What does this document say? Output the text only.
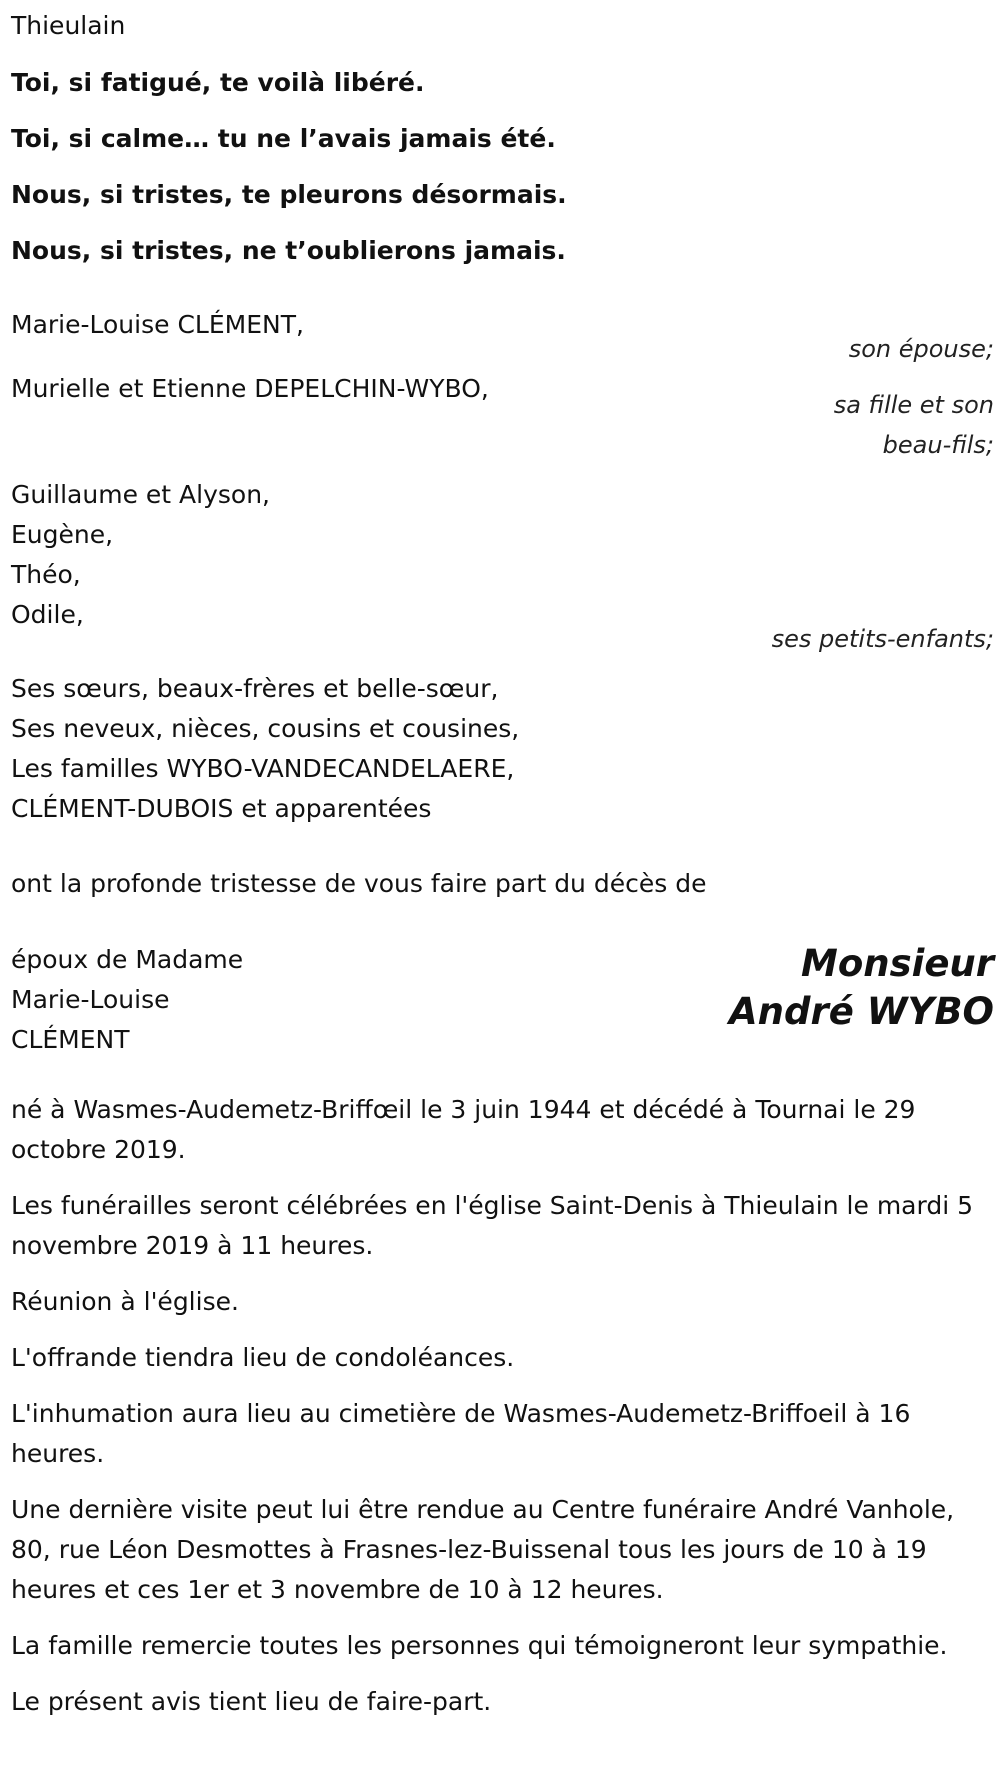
Thieulain
Toi, si fatigué, te voilà libéré.
Toi, si calme… tu ne l’avais jamais été.
Nous, si tristes, te pleurons désormais.
Nous, si tristes, ne t’oublierons jamais.
Marie-Louise CLÉMENT,
son épouse;
Murielle et Etienne DEPELCHIN-WYBO,
sa fille et son
beau-fils;
Guillaume et Alyson,
Eugène,
Théo,
Odile,
ses petits-enfants;
Ses sœurs, beaux-frères et belle-sœur,
Ses neveux, nièces, cousins et cousines,
Les familles WYBO-VANDECANDELAERE,
CLÉMENT-DUBOIS et apparentées
ont la profonde tristesse de vous faire part du décès de
époux de Madame
Marie-Louise
CLÉMENT
Monsieur
André WYBO

né à Wasmes-Audemetz-Briffœil le 3 juin 1944 et décédé à Tournai le 29 octobre 2019.

Les funérailles seront célébrées en l'église Saint-Denis à Thieulain le mardi 5 novembre 2019 à 11 heures.

Réunion à l'église.

L'offrande tiendra lieu de condoléances.

L'inhumation aura lieu au cimetière de Wasmes-Audemetz-Briffoeil à 16 heures.

Une dernière visite peut lui être rendue au Centre funéraire André Vanhole, 80, rue Léon Desmottes à Frasnes-lez-Buissenal tous les jours de 10 à 19 heures et ces 1er et 3 novembre de 10 à 12 heures.

La famille remercie toutes les personnes qui témoigneront leur sympathie.

Le présent avis tient lieu de faire-part.
